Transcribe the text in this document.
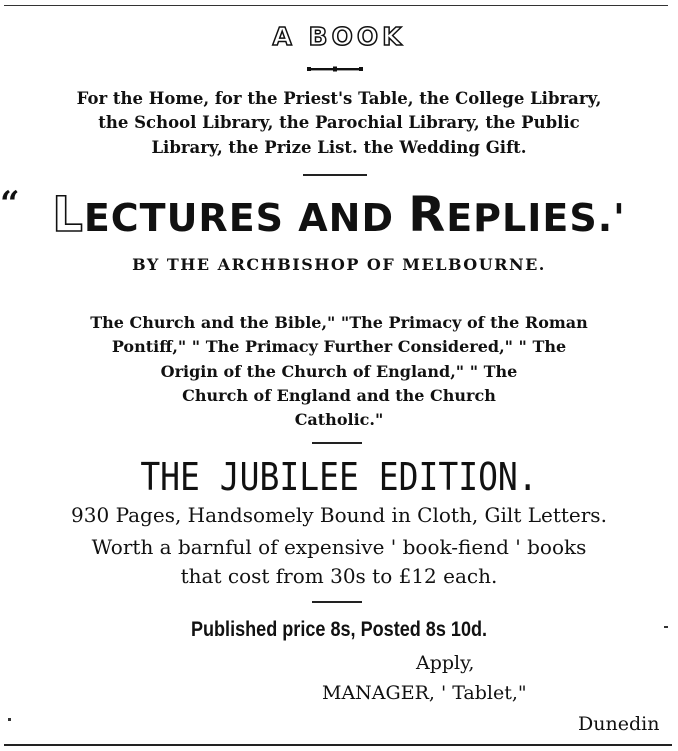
A BOOK
For the Home, for the Priest's Table, the College Library,
the School Library, the Parochial Library, the Public
Library, the Prize List. the Wedding Gift.
“ LECTURES AND REPLIES.'
BY THE ARCHBISHOP OF MELBOURNE.
The Church and the Bible," "The Primacy of the Roman
Pontiff," " The Primacy Further Considered," " The
Origin of the Church of England," " The
Church of England and the Church
Catholic."
THE JUBILEE EDITION.
930 Pages, Handsomely Bound in Cloth, Gilt Letters.
Worth a barnful of expensive ' book-fiend ' books
that cost from 30s to £12 each.
Published price 8s, Posted 8s 10d.
Apply,
MANAGER, ' Tablet,"
Dunedin
